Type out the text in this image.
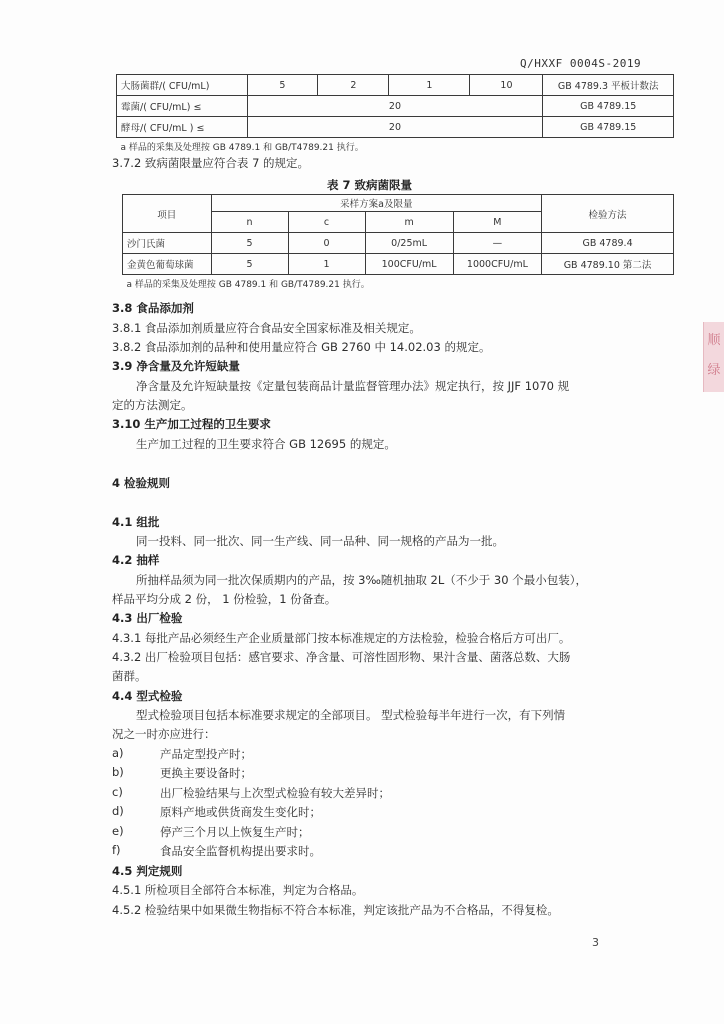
Q/HXXF 0004S-2019
大肠菌群/( CFU/mL)	5	2	1	10	GB 4789.3 平板计数法
霉菌/( CFU/mL) ≤	20				GB 4789.15
酵母/( CFU/mL ) ≤	20				GB 4789.15
a 样品的采集及处理按 GB 4789.1 和 GB/T4789.21 执行。					
3.7.2 致病菌限量应符合表 7 的规定。
表 7 致病菌限量
项目	采样方案a及限量				检验方法
	n	c	m	M	
沙门氏菌	5	0	0/25mL	—	GB 4789.4
金黄色葡萄球菌	5	1	100CFU/mL	1000CFU/mL	GB 4789.10 第二法
a 样品的采集及处理按 GB 4789.1 和 GB/T4789.21 执行。					
3.8 食品添加剂
3.8.1 食品添加剂质量应符合食品安全国家标准及相关规定。
3.8.2 食品添加剂的品种和使用量应符合 GB 2760 中 14.02.03 的规定。
3.9 净含量及允许短缺量
净含量及允许短缺量按《定量包装商品计量监督管理办法》规定执行，按 JJF 1070 规
定的方法测定。
3.10 生产加工过程的卫生要求
生产加工过程的卫生要求符合 GB 12695 的规定。
4 检验规则
4.1 组批
同一投料、同一批次、同一生产线、同一品种、同一规格的产品为一批。
4.2 抽样
所抽样品须为同一批次保质期内的产品，按 3‰随机抽取 2L（不少于 30 个最小包装），
样品平均分成 2 份， 1 份检验，1 份备查。
4.3 出厂检验
4.3.1 每批产品必须经生产企业质量部门按本标准规定的方法检验，检验合格后方可出厂。
4.3.2 出厂检验项目包括：感官要求、净含量、可溶性固形物、果汁含量、菌落总数、大肠
菌群。
4.4 型式检验
型式检验项目包括本标准要求规定的全部项目。 型式检验每半年进行一次，有下列情
况之一时亦应进行：
a)	产品定型投产时；
b)	更换主要设备时；
c)	出厂检验结果与上次型式检验有较大差异时；
d)	原料产地或供货商发生变化时；
e)	停产三个月以上恢复生产时；
f)	食品安全监督机构提出要求时。
4.5 判定规则
4.5.1 所检项目全部符合本标准，判定为合格品。
4.5.2 检验结果中如果微生物指标不符合本标准，判定该批产品为不合格品，不得复检。
顺
绿
3
